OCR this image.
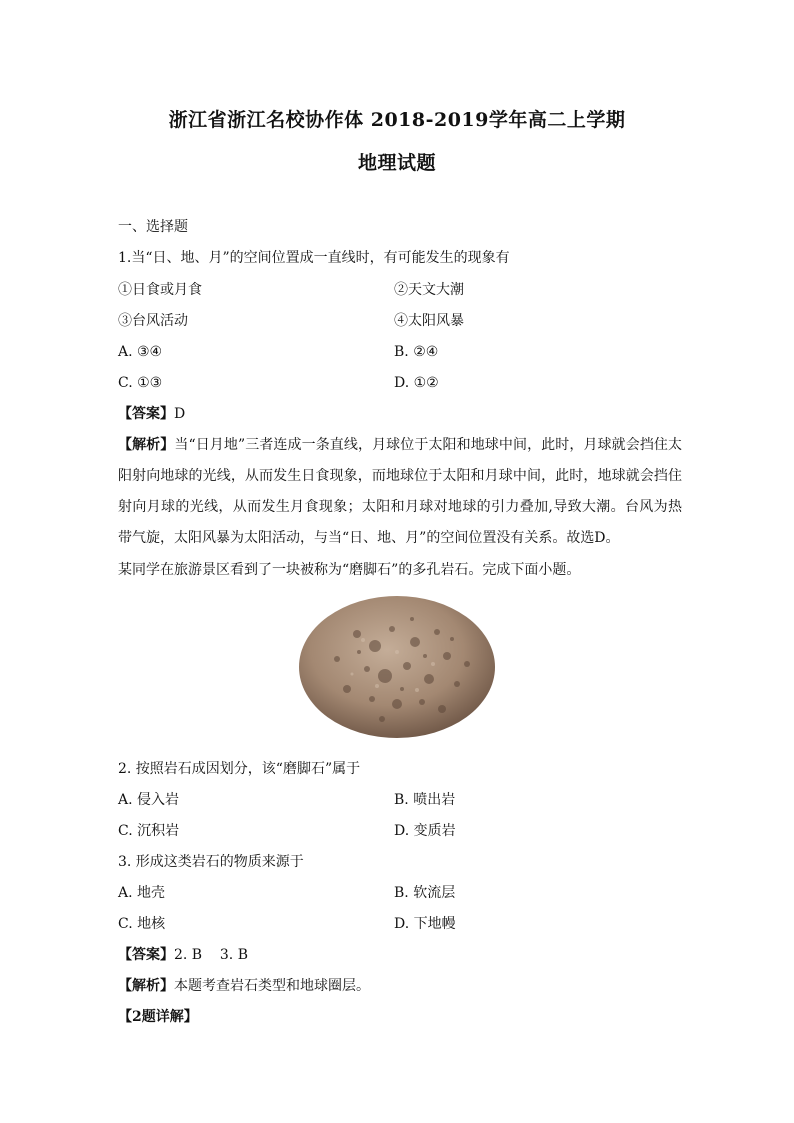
浙江省浙江名校协作体 2018-2019学年高二上学期
地理试题
一、选择题
1.当“日、地、月”的空间位置成一直线时，有可能发生的现象有
①日食或月食	②天文大潮
③台风活动	④太阳风暴
A. ③④	B. ②④
C. ①③	D. ①②
【答案】D
【解析】当“日月地”三者连成一条直线，月球位于太阳和地球中间，此时，月球就会挡住太阳射向地球的光线，从而发生日食现象，而地球位于太阳和月球中间，此时，地球就会挡住射向月球的光线，从而发生月食现象；太阳和月球对地球的引力叠加,导致大潮。台风为热带气旋，太阳风暴为太阳活动，与当“日、地、月”的空间位置没有关系。故选D。
某同学在旅游景区看到了一块被称为“磨脚石”的多孔岩石。完成下面小题。
2. 按照岩石成因划分，该“磨脚石”属于
A. 侵入岩	B. 喷出岩
C. 沉积岩	D. 变质岩
3. 形成这类岩石的物质来源于
A. 地壳	B. 软流层
C. 地核	D. 下地幔
【答案】2. B    3. B
【解析】本题考查岩石类型和地球圈层。
【2题详解】
